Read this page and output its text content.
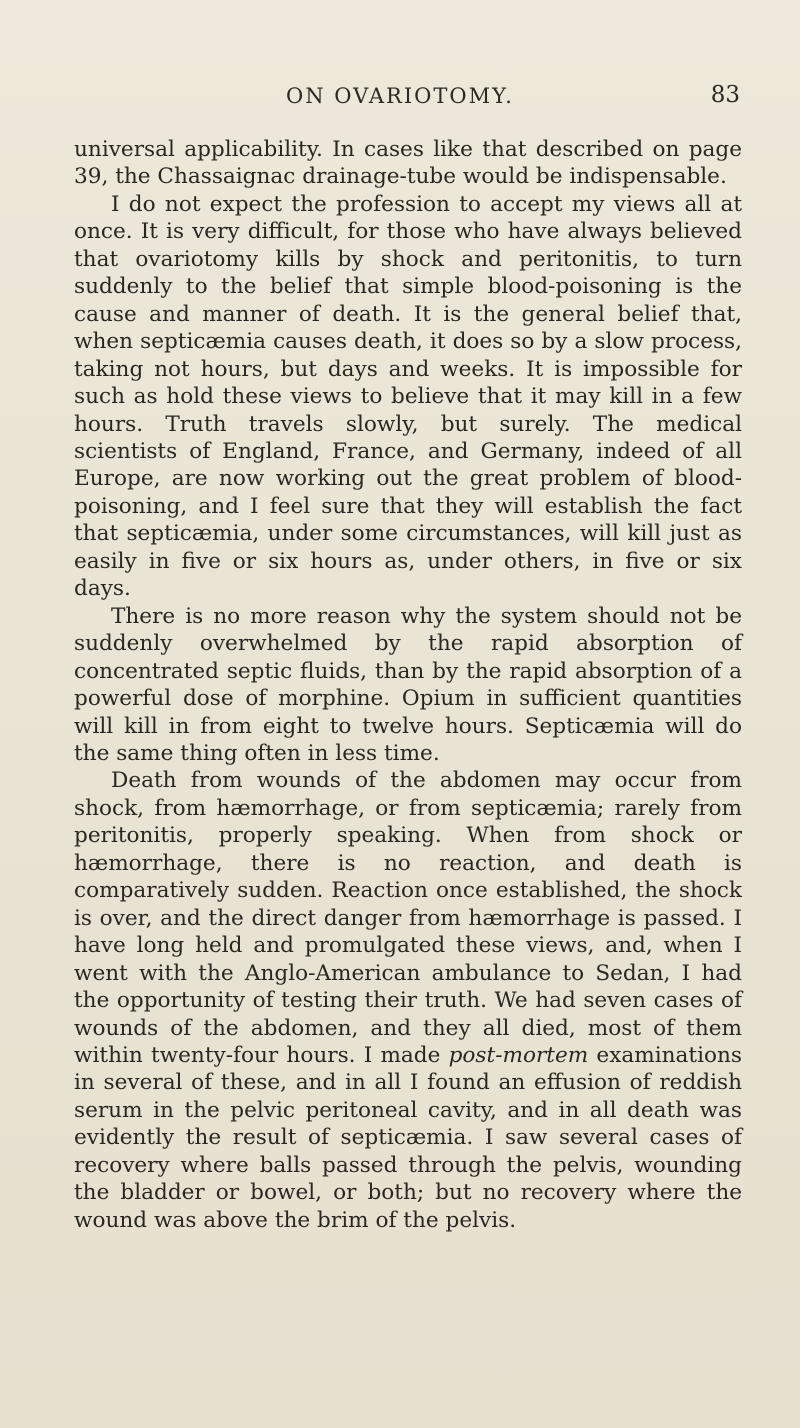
ON OVARIOTOMY.	83

universal applicability. In cases like that described on page 39, the Chassaignac drainage-tube would be indispensable.

I do not expect the profession to accept my views all at once. It is very difficult, for those who have always believed that ovariotomy kills by shock and peritonitis, to turn suddenly to the belief that simple blood-poisoning is the cause and manner of death. It is the general belief that, when septicæmia causes death, it does so by a slow process, taking not hours, but days and weeks. It is impossible for such as hold these views to believe that it may kill in a few hours. Truth travels slowly, but surely. The medical scientists of England, France, and Germany, indeed of all Europe, are now working out the great problem of blood-poisoning, and I feel sure that they will establish the fact that septicæmia, under some circumstances, will kill just as easily in five or six hours as, under others, in five or six days.

There is no more reason why the system should not be suddenly overwhelmed by the rapid absorption of concentrated septic fluids, than by the rapid absorption of a powerful dose of morphine. Opium in sufficient quantities will kill in from eight to twelve hours. Septicæmia will do the same thing often in less time.

Death from wounds of the abdomen may occur from shock, from hæmorrhage, or from septicæmia; rarely from peritonitis, properly speaking. When from shock or hæmorrhage, there is no reaction, and death is comparatively sudden. Reaction once established, the shock is over, and the direct danger from hæmorrhage is passed. I have long held and promulgated these views, and, when I went with the Anglo-American ambulance to Sedan, I had the opportunity of testing their truth. We had seven cases of wounds of the abdomen, and they all died, most of them within twenty-four hours. I made post-mortem examinations in several of these, and in all I found an effusion of reddish serum in the pelvic peritoneal cavity, and in all death was evidently the result of septicæmia. I saw several cases of recovery where balls passed through the pelvis, wounding the bladder or bowel, or both; but no recovery where the wound was above the brim of the pelvis.
